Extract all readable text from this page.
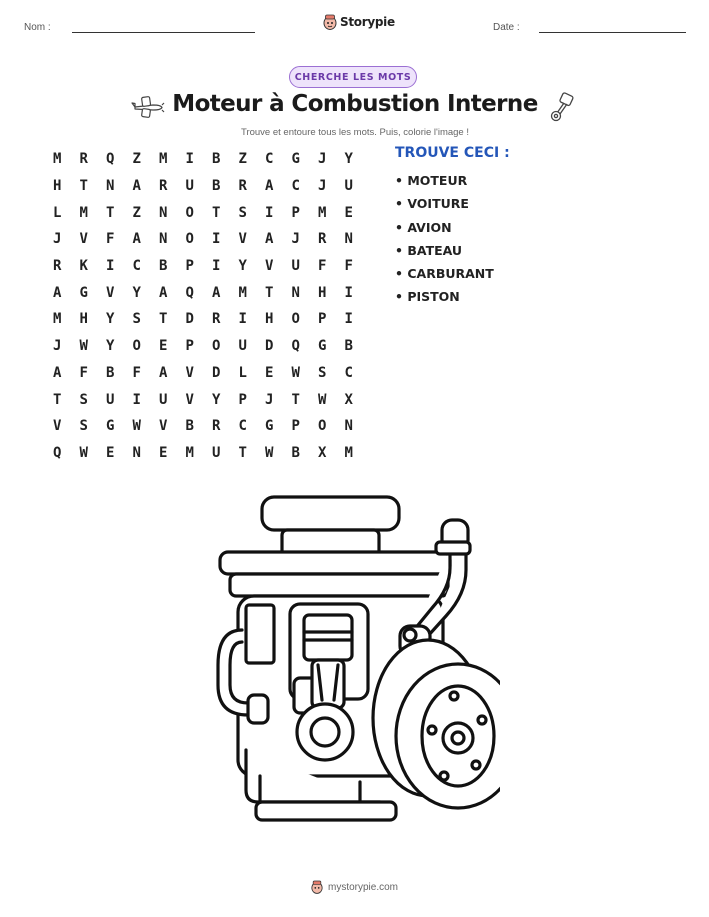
Nom :	Storypie	Date :
CHERCHE LES MOTS
Moteur à Combustion Interne
Trouve et entoure tous les mots. Puis, colorie l'image !
M	R	Q	Z	M	I	B	Z	C	G	J	Y
H	T	N	A	R	U	B	R	A	C	J	U
L	M	T	Z	N	O	T	S	I	P	M	E
J	V	F	A	N	O	I	V	A	J	R	N
R	K	I	C	B	P	I	Y	V	U	F	F
A	G	V	Y	A	Q	A	M	T	N	H	I
M	H	Y	S	T	D	R	I	H	O	P	I
J	W	Y	O	E	P	O	U	D	Q	G	B
A	F	B	F	A	V	D	L	E	W	S	C
T	S	U	I	U	V	Y	P	J	T	W	X
V	S	G	W	V	B	R	C	G	P	O	N
Q	W	E	N	E	M	U	T	W	B	X	M
TROUVE CECI :
• MOTEUR
• VOITURE
• AVION
• BATEAU
• CARBURANT
• PISTON
mystorypie.com
